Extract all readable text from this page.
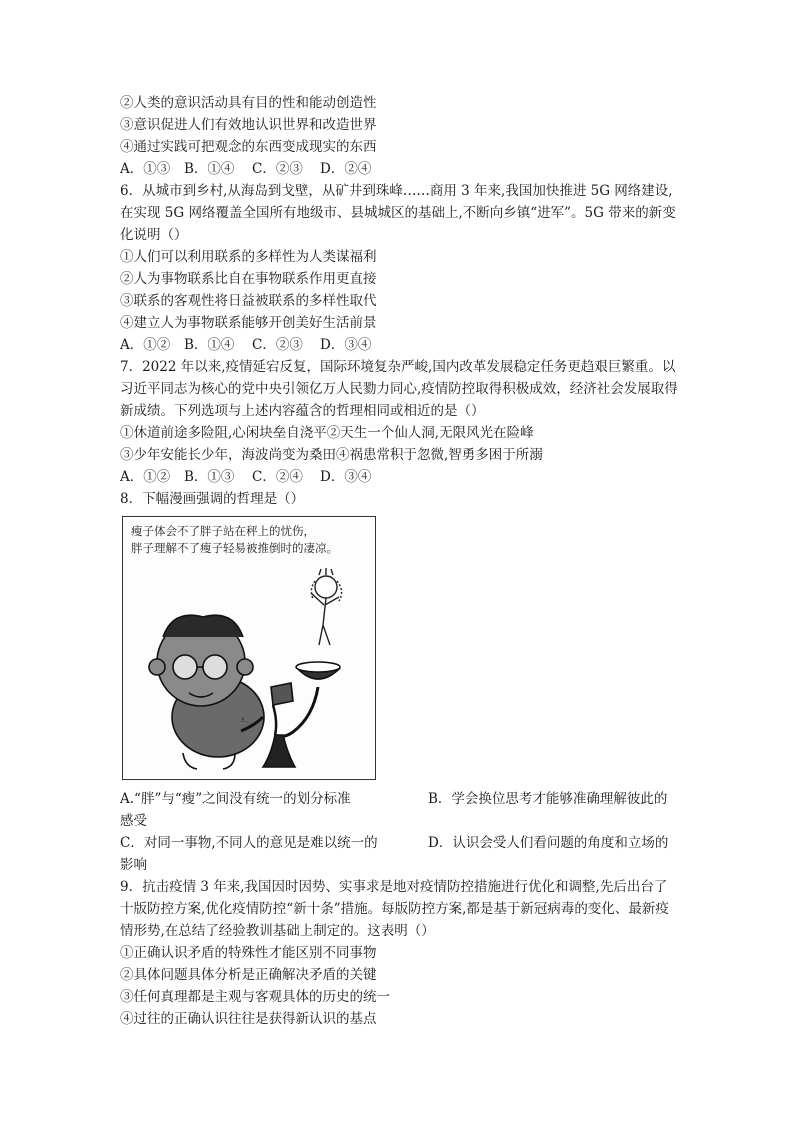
②人类的意识活动具有目的性和能动创造性
③意识促进人们有效地认识世界和改造世界
④通过实践可把观念的东西变成现实的东西
A．①③	B．①④	C．②③	D．②④
6．从城市到乡村,从海岛到戈壁，从矿井到珠峰……商用 3 年来,我国加快推进 5G 网络建设,在实现 5G 网络覆盖全国所有地级市、县城城区的基础上,不断向乡镇“进军”。5G 带来的新变化说明（）
①人们可以利用联系的多样性为人类谋福利
②人为事物联系比自在事物联系作用更直接
③联系的客观性将日益被联系的多样性取代
④建立人为事物联系能够开创美好生活前景
A．①②	B．①④	C．②③	D．③④
7．2022 年以来,疫情延宕反复，国际环境复杂严峻,国内改革发展稳定任务更趋艰巨繁重。以习近平同志为核心的党中央引领亿万人民勠力同心,疫情防控取得积极成效，经济社会发展取得新成绩。下列选项与上述内容蕴含的哲理相同或相近的是（）
①休道前途多险阻,心闲块垒自浇平②天生一个仙人洞,无限风光在险峰
③少年安能长少年，海波尚变为桑田④祸患常积于忽微,智勇多困于所溺
A．①②	B．①③	C．②④	D．③④
8．下幅漫画强调的哲理是（）
ε.
瘦子体会不了胖子站在秤上的忧伤，
胖子理解不了瘦子轻易被推倒时的凄凉。
A.“胖”与“瘦”之间没有统一的划分标准	B．学会换位思考才能够准确理解彼此的
感受
C．对同一事物,不同人的意见是难以统一的	D．认识会受人们看问题的角度和立场的
影响
9．抗击疫情 3 年来,我国因时因势、实事求是地对疫情防控措施进行优化和调整,先后出台了十版防控方案,优化疫情防控“新十条”措施。每版防控方案,都是基于新冠病毒的变化、最新疫情形势,在总结了经验教训基础上制定的。这表明（）
①正确认识矛盾的特殊性才能区别不同事物
②具体问题具体分析是正确解决矛盾的关键
③任何真理都是主观与客观具体的历史的统一
④过往的正确认识往往是获得新认识的基点
